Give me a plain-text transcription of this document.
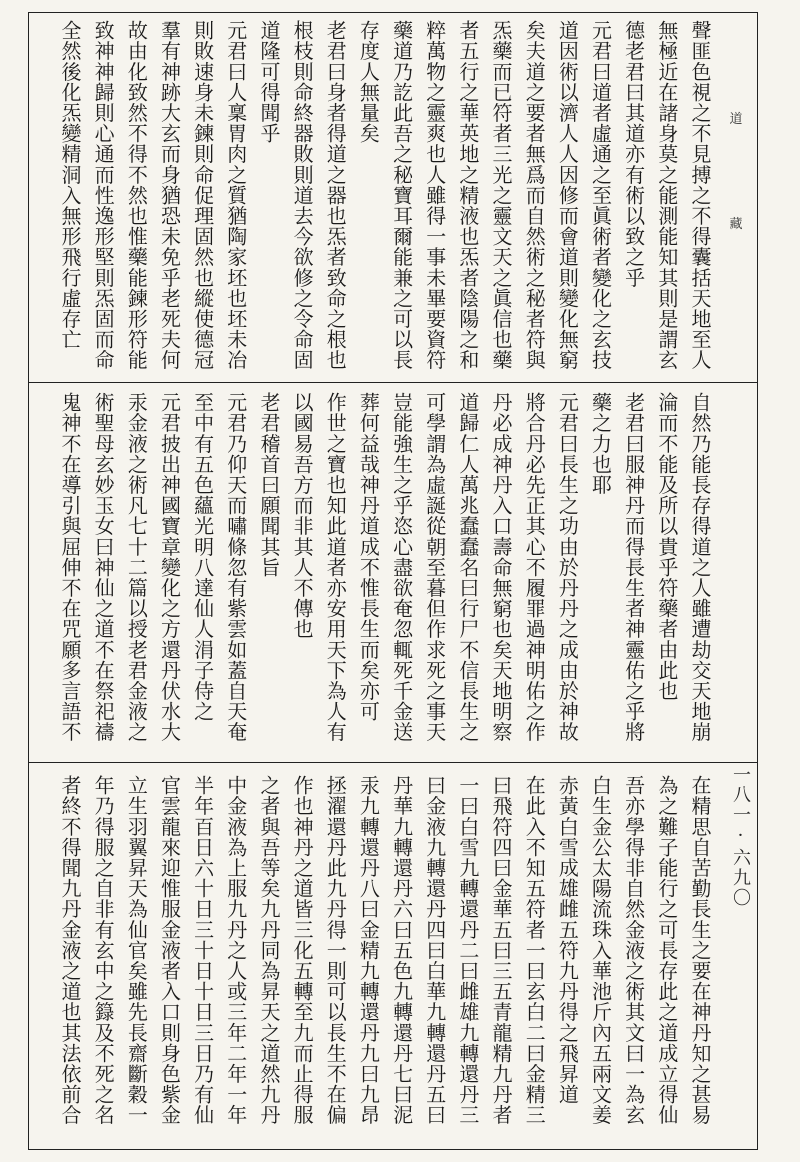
道
藏
一八一·六九〇
聲匪色視之不見搏之不得囊括天地至人
無極近在諸身莫之能測能知其則是謂玄
德老君曰其道亦有術以致之乎
元君曰道者虛通之至眞術者變化之玄技
道因術以濟人人因修而會道則變化無窮
矣夫道之要者無爲而自然術之秘者符與
炁藥而已符者三光之靈文天之眞信也藥
者五行之華英地之精液也炁者陰陽之和
粹萬物之靈爽也人雖得一事未畢要資符
藥道乃訖此吾之秘寶耳爾能兼之可以長
存度人無量矣
老君曰身者得道之器也炁者致命之根也
根枝則命終器敗則道去今欲修之令命固
道隆可得聞乎
元君曰人稟胃肉之質猶陶家坯也坯未冶
則敗速身未鍊則命促理固然也縱使德冠
羣有神跡大玄而身猶恐未免乎老死夫何
故由化致然不得不然也惟藥能鍊形符能
致神神歸則心通而性逸形堅則炁固而命
全然後化炁變精洞入無形飛行虛存亡
自然乃能長存得道之人雖遭劫交天地崩
淪而不能及所以貴乎符藥者由此也
老君曰服神丹而得長生者神靈佑之乎將
藥之力也耶
元君曰長生之功由於丹丹之成由於神故
將合丹必先正其心不履罪過神明佑之作
丹必成神丹入口壽命無窮也矣天地明察
道歸仁人萬兆蠢蠢名曰行尸不信長生之
可學謂為虛誕從朝至暮但作求死之事天
豈能強生之乎恣心盡欲奄忽輒死千金送
葬何益哉神丹道成不惟長生而矣亦可
作世之寶也知此道者亦安用天下為人有
以國易吾方而非其人不傳也
老君稽首曰願聞其旨
元君乃仰天而嘯條忽有紫雲如蓋自天奄
至中有五色蘊光明八達仙人涓子侍之
元君披出神國寶章變化之方還丹伏水大
汞金液之術凡七十二篇以授老君金液之
術聖母玄妙玉女曰神仙之道不在祭祀禱
鬼神不在導引與屈伸不在咒願多言語不
在精思自苦勤長生之要在神丹知之甚易
為之難子能行之可長存此之道成立得仙
吾亦學得非自然金液之術其文曰一為玄
白生金公太陽流珠入華池斤內五兩文姜
赤黃白雪成雄雌五符九丹得之飛昇道
在此入不知五符者一曰玄白二曰金精三
曰飛符四曰金華五曰三五青龍精九丹者
一曰白雪九轉還丹二曰雌雄九轉還丹三
曰金液九轉還丹四曰白華九轉還丹五曰
丹華九轉還丹六曰五色九轉還丹七曰泥
汞九轉還丹八曰金精九轉還丹九曰九昂
拯濯還丹此九丹得一則可以長生不在偏
作也神丹之道皆三化五轉至九而止得服
之者與吾等矣九丹同為昇天之道然九丹
中金液為上服九丹之人或三年二年一年
半年百日六十日三十日十日三日乃有仙
官雲龍來迎惟服金液者入口則身色紫金
立生羽翼昇天為仙官矣雖先長齋斷穀一
年乃得服之自非有玄中之籙及不死之名
者終不得聞九丹金液之道也其法依前合
